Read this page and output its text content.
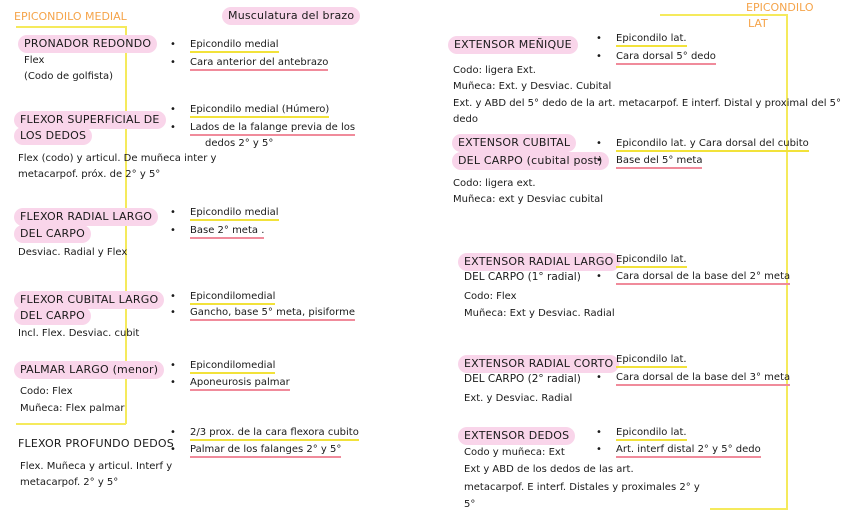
EPICONDILO MEDIAL	Musculatura del brazo
EPICONDILO
LAT
PRONADOR REDONDO
Flex
(Codo de golfista)
• Epicondilo medial
• Cara anterior del antebrazo
FLEXOR SUPERFICIAL DE
LOS DEDOS
Flex (codo) y articul. De muñeca inter y
metacarpof. próx. de 2° y 5°
• Epicondilo medial (Húmero)
• Lados de la falange previa de los
dedos 2° y 5°
FLEXOR RADIAL LARGO
DEL CARPO
Desviac. Radial y Flex
• Epicondilo medial
• Base 2° meta .
FLEXOR CUBITAL LARGO
DEL CARPO
Incl. Flex. Desviac. cubit
• Epicondilomedial
• Gancho, base 5° meta, pisiforme
PALMAR LARGO (menor)
Codo: Flex
Muñeca: Flex palmar
• Epicondilomedial
• Aponeurosis palmar
FLEXOR PROFUNDO DEDOS
Flex. Muñeca y articul. Interf y
metacarpof. 2° y 5°
• 2/3 prox. de la cara flexora cubito
• Palmar de los falanges 2° y 5°
EXTENSOR MEÑIQUE	• Epicondilo lat.
• Cara dorsal 5° dedo
Codo: ligera Ext.
Muñeca: Ext. y Desviac. Cubital
Ext. y ABD del 5° dedo de la art. metacarpof. E interf. Distal y proximal del 5°
dedo
EXTENSOR CUBITAL
DEL CARPO (cubital post)
• Epicondilo lat. y Cara dorsal del cubito
• Base del 5° meta
Codo: ligera ext.
Muñeca: ext y Desviac cubital
EXTENSOR RADIAL LARGO
DEL CARPO (1° radial)
Epicondilo lat.
• Cara dorsal de la base del 2° meta
Codo: Flex
Muñeca: Ext y Desviac. Radial
EXTENSOR RADIAL CORTO
DEL CARPO (2° radial)
Epicondilo lat.
• Cara dorsal de la base del 3° meta
Ext. y Desviac. Radial
EXTENSOR DEDOS	• Epicondilo lat.
• Art. interf distal 2° y 5° dedo
Codo y muñeca: Ext
Ext y ABD de los dedos de las art.
metacarpof. E interf. Distales y proximales 2° y
5°
